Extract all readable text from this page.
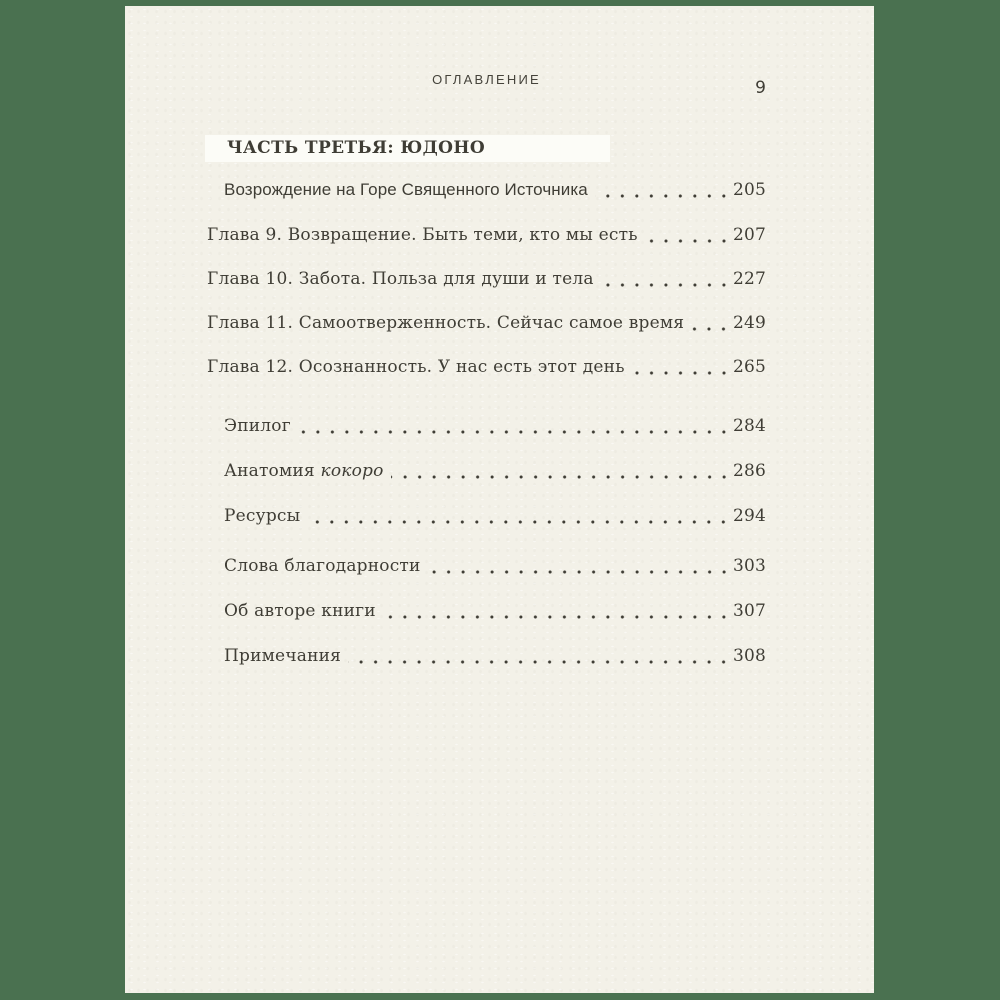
ОГЛАВЛЕНИЕ	9
ЧАСТЬ ТРЕТЬЯ: ЮДОНО
Возрождение на Горе Священного Источника	205
Глава 9. Возвращение. Быть теми, кто мы есть	207
Глава 10. Забота. Польза для души и тела	227
Глава 11. Самоотверженность. Сейчас самое время	249
Глава 12. Осознанность. У нас есть этот день	265
Эпилог	284
Анатомия кокоро	286
Ресурсы	294
Слова благодарности	303
Об авторе книги	307
Примечания	308
